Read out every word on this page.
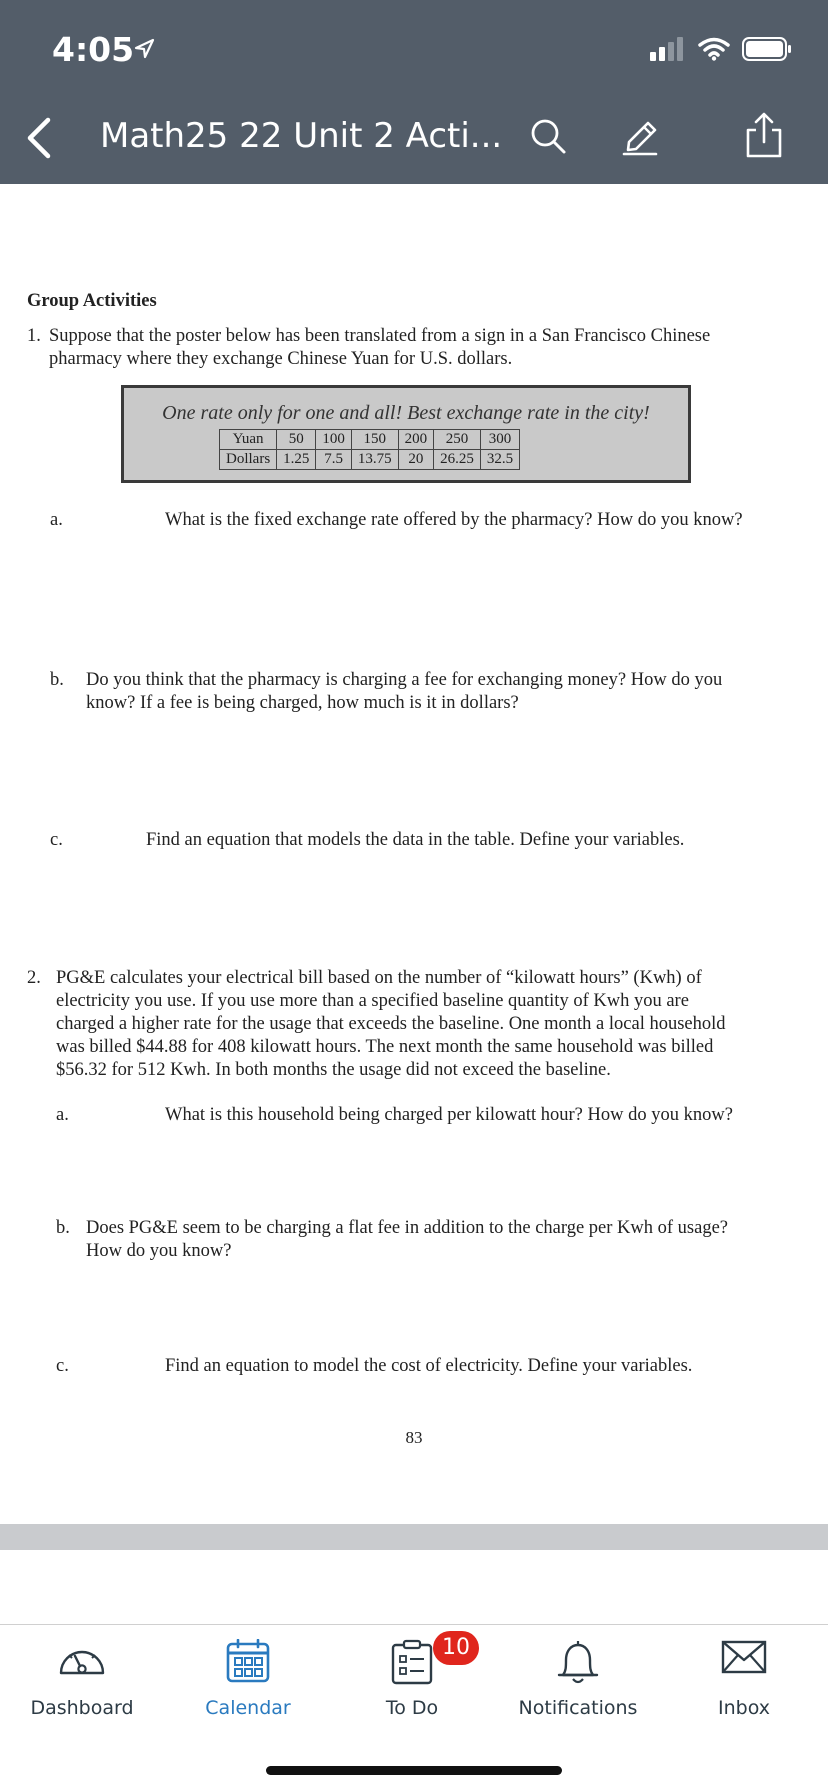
4:05
Math25 22 Unit 2 Acti...
Group Activities
1. Suppose that the poster below has been translated from a sign in a San Francisco Chinese
pharmacy where they exchange Chinese Yuan for U.S. dollars.
One rate only for one and all! Best exchange rate in the city!
Yuan	50	100	150	200	250	300
Dollars	1.25	7.5	13.75	20	26.25	32.5
a.	What is the fixed exchange rate offered by the pharmacy? How do you know?
b. Do you think that the pharmacy is charging a fee for exchanging money? How do you
know? If a fee is being charged, how much is it in dollars?
c.	Find an equation that models the data in the table. Define your variables.
2. PG&E calculates your electrical bill based on the number of “kilowatt hours” (Kwh) of
electricity you use. If you use more than a specified baseline quantity of Kwh you are
charged a higher rate for the usage that exceeds the baseline. One month a local household
was billed $44.88 for 408 kilowatt hours. The next month the same household was billed
$56.32 for 512 Kwh. In both months the usage did not exceed the baseline.
a.	What is this household being charged per kilowatt hour? How do you know?
b. Does PG&E seem to be charging a flat fee in addition to the charge per Kwh of usage?
How do you know?
c.	Find an equation to model the cost of electricity. Define your variables.
83
Dashboard	Calendar
10
To Do	Notifications	Inbox
